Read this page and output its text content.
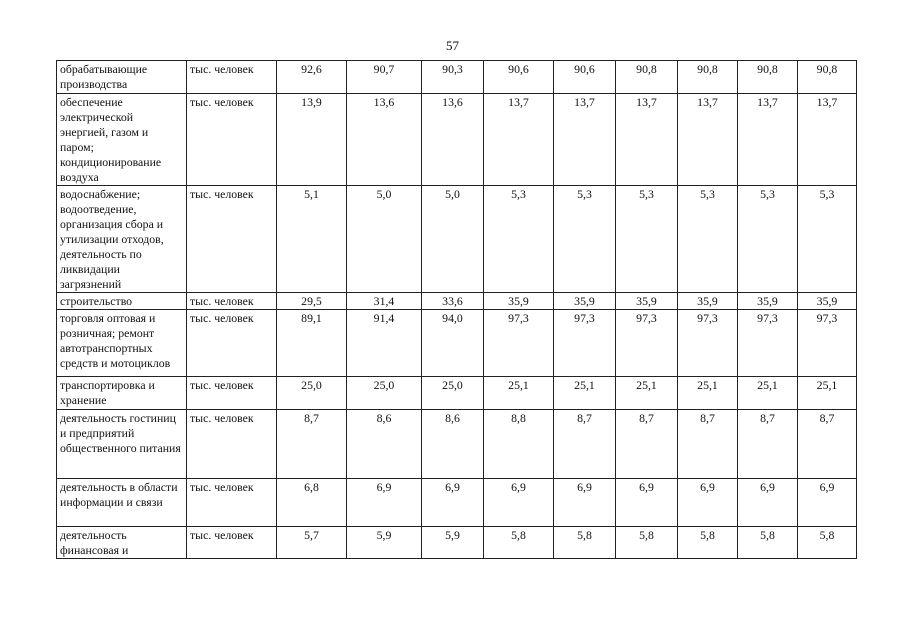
57
обрабатывающие производства	тыс. человек	92,6	90,7	90,3	90,6	90,6	90,8	90,8	90,8	90,8
обеспечение электрической энергией, газом и паром; кондиционирование воздуха	тыс. человек	13,9	13,6	13,6	13,7	13,7	13,7	13,7	13,7	13,7
водоснабжение; водоотведение, организация сбора и утилизации отходов, деятельность по ликвидации загрязнений	тыс. человек	5,1	5,0	5,0	5,3	5,3	5,3	5,3	5,3	5,3
строительство	тыс. человек	29,5	31,4	33,6	35,9	35,9	35,9	35,9	35,9	35,9
торговля оптовая и розничная; ремонт автотранспортных средств и мотоциклов	тыс. человек	89,1	91,4	94,0	97,3	97,3	97,3	97,3	97,3	97,3
транспортировка и хранение	тыс. человек	25,0	25,0	25,0	25,1	25,1	25,1	25,1	25,1	25,1
деятельность гостиниц и предприятий общественного питания	тыс. человек	8,7	8,6	8,6	8,8	8,7	8,7	8,7	8,7	8,7
деятельность в области информации и связи	тыс. человек	6,8	6,9	6,9	6,9	6,9	6,9	6,9	6,9	6,9
деятельность финансовая и	тыс. человек	5,7	5,9	5,9	5,8	5,8	5,8	5,8	5,8	5,8
